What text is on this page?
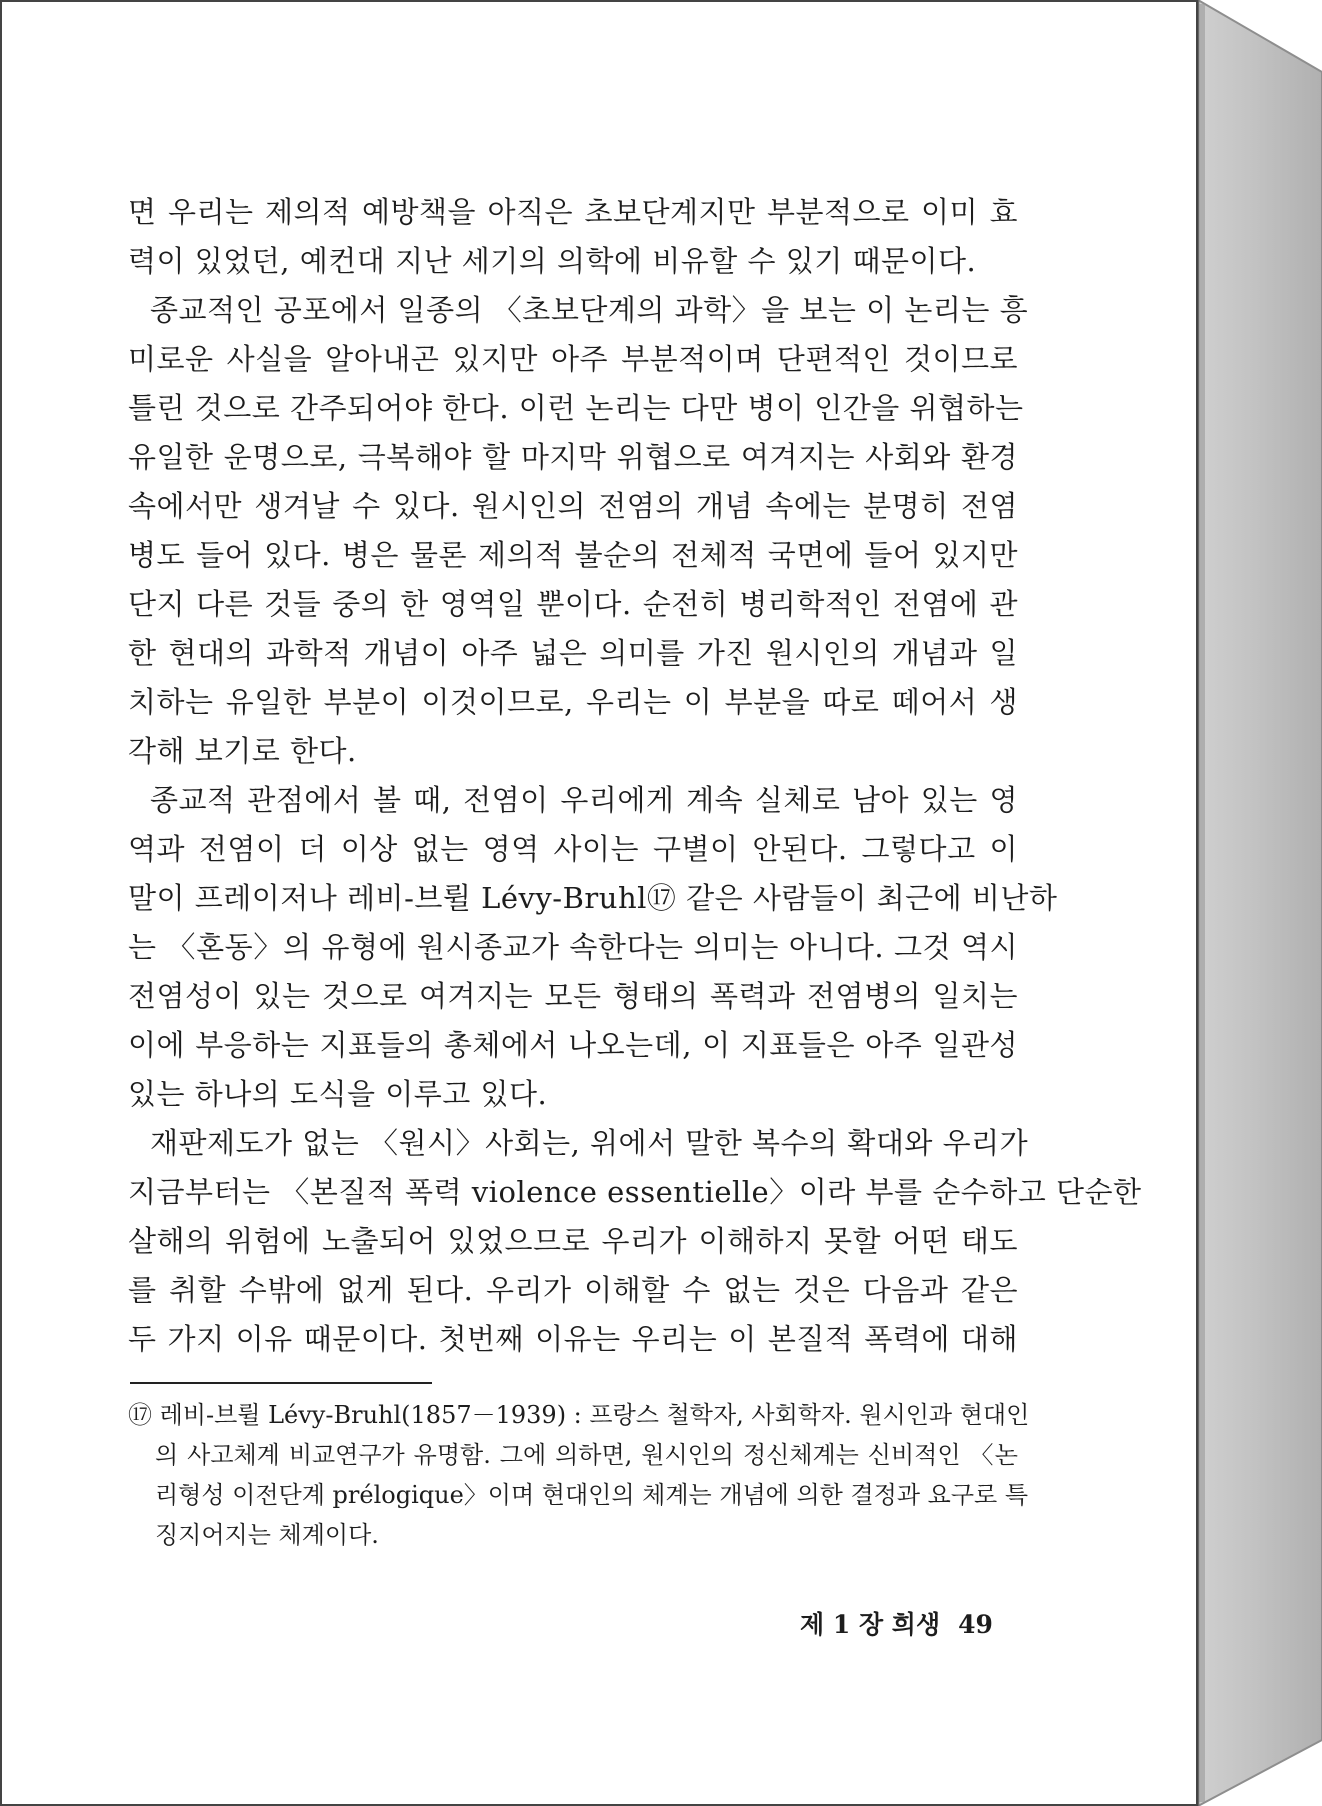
면 우리는 제의적 예방책을 아직은 초보단계지만 부분적으로 이미 효
력이 있었던, 예컨대 지난 세기의 의학에 비유할 수 있기 때문이다.
종교적인 공포에서 일종의 〈초보단계의 과학〉을 보는 이 논리는 흥
미로운 사실을 알아내곤 있지만 아주 부분적이며 단편적인 것이므로
틀린 것으로 간주되어야 한다. 이런 논리는 다만 병이 인간을 위협하는
유일한 운명으로, 극복해야 할 마지막 위협으로 여겨지는 사회와 환경
속에서만 생겨날 수 있다. 원시인의 전염의 개념 속에는 분명히 전염
병도 들어 있다. 병은 물론 제의적 불순의 전체적 국면에 들어 있지만
단지 다른 것들 중의 한 영역일 뿐이다. 순전히 병리학적인 전염에 관
한 현대의 과학적 개념이 아주 넓은 의미를 가진 원시인의 개념과 일
치하는 유일한 부분이 이것이므로, 우리는 이 부분을 따로 떼어서 생
각해 보기로 한다.
종교적 관점에서 볼 때, 전염이 우리에게 계속 실체로 남아 있는 영
역과 전염이 더 이상 없는 영역 사이는 구별이 안된다. 그렇다고 이
말이 프레이저나 레비-브륄 Lévy-Bruhl⑰ 같은 사람들이 최근에 비난하
는 〈혼동〉의 유형에 원시종교가 속한다는 의미는 아니다. 그것 역시
전염성이 있는 것으로 여겨지는 모든 형태의 폭력과 전염병의 일치는
이에 부응하는 지표들의 총체에서 나오는데, 이 지표들은 아주 일관성
있는 하나의 도식을 이루고 있다.
재판제도가 없는 〈원시〉사회는, 위에서 말한 복수의 확대와 우리가
지금부터는 〈본질적 폭력 violence essentielle〉이라 부를 순수하고 단순한
살해의 위험에 노출되어 있었으므로 우리가 이해하지 못할 어떤 태도
를 취할 수밖에 없게 된다. 우리가 이해할 수 없는 것은 다음과 같은
두 가지 이유 때문이다. 첫번째 이유는 우리는 이 본질적 폭력에 대해
⑰ 레비-브륄 Lévy-Bruhl(1857－1939) : 프랑스 철학자, 사회학자. 원시인과 현대인
의 사고체계 비교연구가 유명함. 그에 의하면, 원시인의 정신체계는 신비적인 〈논
리형성 이전단계 prélogique〉이며 현대인의 체계는 개념에 의한 결정과 요구로 특
징지어지는 체계이다.
제 1 장 희생 49
